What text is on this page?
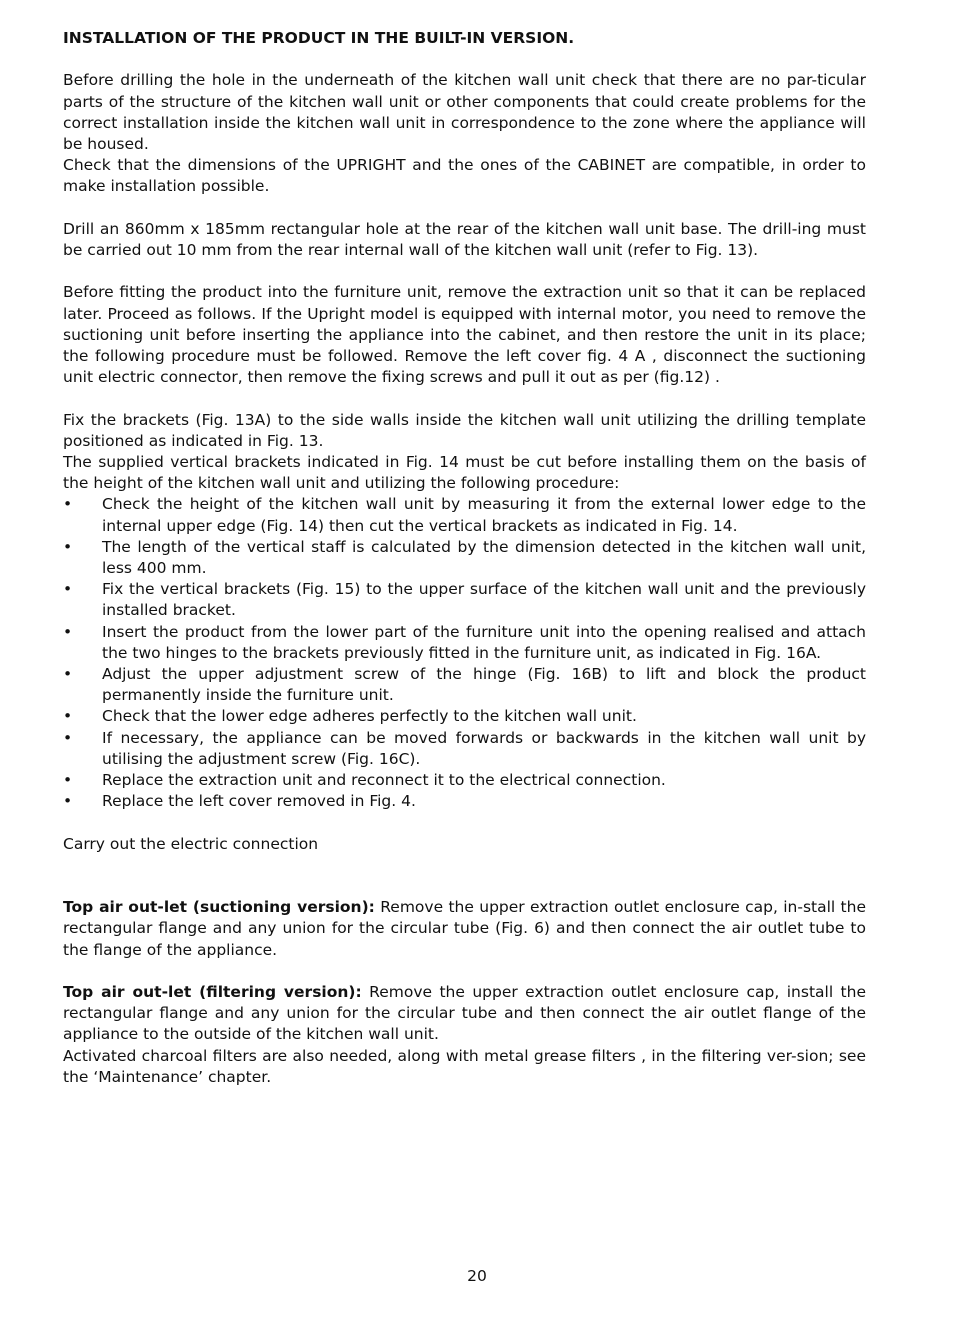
INSTALLATION OF THE PRODUCT IN THE BUILT-IN VERSION.

Before drilling the hole in the underneath of the kitchen wall unit check that there are no par-ticular parts of the structure of the kitchen wall unit or other components that could create problems for the correct installation inside the kitchen wall unit in correspondence to the zone where the appliance will be housed.

Check that the dimensions of the UPRIGHT and the ones of the CABINET are compatible, in order to make installation possible.

Drill an 860mm x 185mm rectangular hole at the rear of the kitchen wall unit base. The drill-ing must be carried out 10 mm from the rear internal wall of the kitchen wall unit (refer to Fig. 13).

Before fitting the product into the furniture unit, remove the extraction unit so that it can be replaced later. Proceed as follows. If the Upright model is equipped with internal motor, you need to remove the suctioning unit before inserting the appliance into the cabinet, and then restore the unit in its place; the following procedure must be followed. Remove the left cover fig. 4 A , disconnect the suctioning unit electric connector, then remove the fixing screws and pull it out as per (fig.12) .

Fix the brackets (Fig. 13A) to the side walls inside the kitchen wall unit utilizing the drilling template positioned as indicated in Fig. 13.

The supplied vertical brackets indicated in Fig. 14 must be cut before installing them on the basis of the height of the kitchen wall unit and utilizing the following procedure:

• Check the height of the kitchen wall unit by measuring it from the external lower edge to the internal upper edge (Fig. 14) then cut the vertical brackets as indicated in Fig. 14.
• The length of the vertical staff is calculated by the dimension detected in the kitchen wall unit, less 400 mm.
• Fix the vertical brackets (Fig. 15) to the upper surface of the kitchen wall unit and the previously installed bracket.
• Insert the product from the lower part of the furniture unit into the opening realised and attach the two hinges to the brackets previously fitted in the furniture unit, as indicated in Fig. 16A.
• Adjust the upper adjustment screw of the hinge (Fig. 16B) to lift and block the product permanently inside the furniture unit.
• Check that the lower edge adheres perfectly to the kitchen wall unit.
• If necessary, the appliance can be moved forwards or backwards in the kitchen wall unit by utilising the adjustment screw (Fig. 16C).
• Replace the extraction unit and reconnect it to the electrical connection.
• Replace the left cover removed in Fig. 4.

Carry out the electric connection

Top air out-let (suctioning version): Remove the upper extraction outlet enclosure cap, in-stall the rectangular flange and any union for the circular tube (Fig. 6) and then connect the air outlet tube to the flange of the appliance.

Top air out-let (filtering version): Remove the upper extraction outlet enclosure cap, install the rectangular flange and any union for the circular tube and then connect the air outlet flange of the appliance to the outside of the kitchen wall unit.

Activated charcoal filters are also needed, along with metal grease filters , in the filtering ver-sion; see the ‘Maintenance’ chapter.

20
